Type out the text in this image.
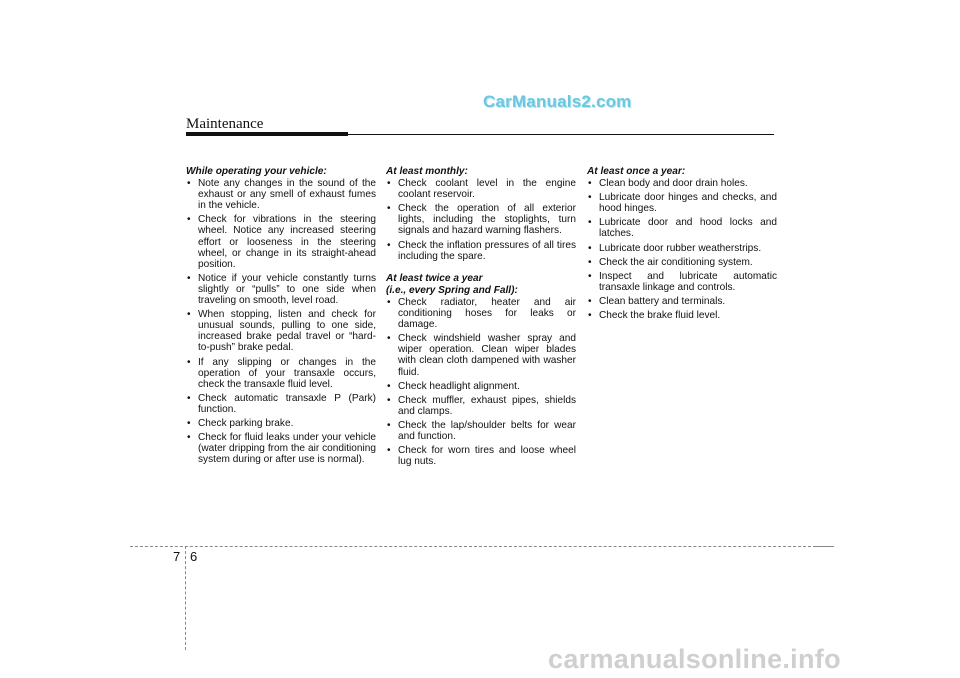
CarManuals2.com
Maintenance
While operating your vehicle:
• Note any changes in the sound of the exhaust or any smell of exhaust fumes in the vehicle.
• Check for vibrations in the steering wheel. Notice any increased steering effort or looseness in the steering wheel, or change in its straight-ahead position.
• Notice if your vehicle constantly turns slightly or “pulls” to one side when traveling on smooth, level road.
• When stopping, listen and check for unusual sounds, pulling to one side, increased brake pedal travel or “hard-to-push” brake pedal.
• If any slipping or changes in the operation of your transaxle occurs, check the transaxle fluid level.
• Check automatic transaxle P (Park) function.
• Check parking brake.
• Check for fluid leaks under your vehicle (water dripping from the air conditioning system during or after use is normal).
At least monthly:
• Check coolant level in the engine coolant reservoir.
• Check the operation of all exterior lights, including the stoplights, turn signals and hazard warning flashers.
• Check the inflation pressures of all tires including the spare.
At least twice a year
(i.e., every Spring and Fall):
• Check radiator, heater and air conditioning hoses for leaks or damage.
• Check windshield washer spray and wiper operation. Clean wiper blades with clean cloth dampened with washer fluid.
• Check headlight alignment.
• Check muffler, exhaust pipes, shields and clamps.
• Check the lap/shoulder belts for wear and function.
• Check for worn tires and loose wheel lug nuts.
At least once a year:
• Clean body and door drain holes.
• Lubricate door hinges and checks, and hood hinges.
• Lubricate door and hood locks and latches.
• Lubricate door rubber weatherstrips.
• Check the air conditioning system.
• Inspect and lubricate automatic transaxle linkage and controls.
• Clean battery and terminals.
• Check the brake fluid level.
7 6
carmanualsonline.info
